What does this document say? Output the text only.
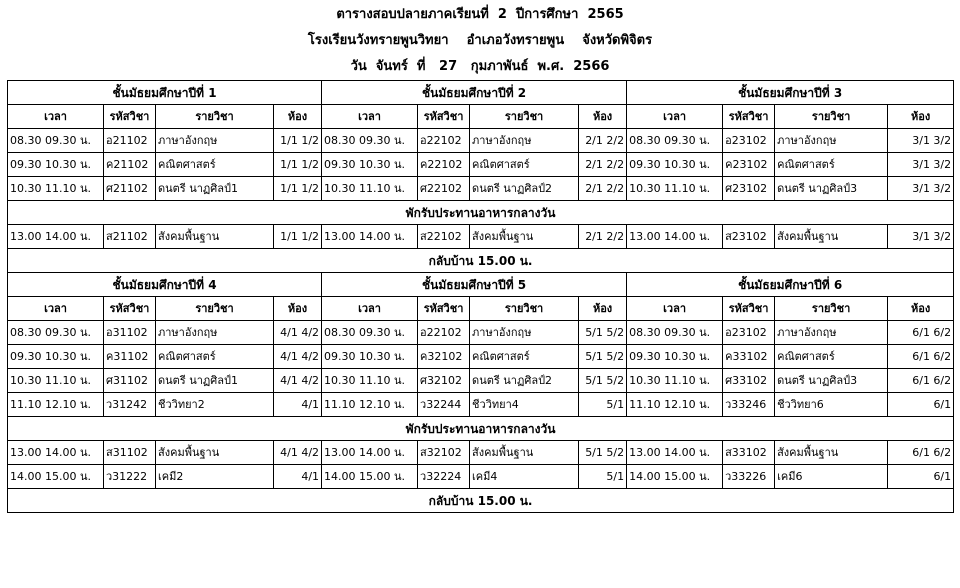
ตารางสอบปลายภาคเรียนที่  2  ปีการศึกษา  2565
โรงเรียนวังทรายพูนวิทยา    อำเภอวังทรายพูน    จังหวัดพิจิตร
วัน  จันทร์  ที่   27   กุมภาพันธ์  พ.ศ.  2566
ชั้นมัธยมศึกษาปีที่ 1				ชั้นมัธยมศึกษาปีที่ 2				ชั้นมัธยมศึกษาปีที่ 3			
เวลา	รหัสวิชา	รายวิชา	ห้อง	เวลา	รหัสวิชา	รายวิชา	ห้อง	เวลา	รหัสวิชา	รายวิชา	ห้อง
08.30 09.30 น.	อ21102	ภาษาอังกฤษ	1/1 1/2	08.30 09.30 น.	อ22102	ภาษาอังกฤษ	2/1 2/2	08.30 09.30 น.	อ23102	ภาษาอังกฤษ	3/1 3/2
09.30 10.30 น.	ค21102	คณิตศาสตร์	1/1 1/2	09.30 10.30 น.	ค22102	คณิตศาสตร์	2/1 2/2	09.30 10.30 น.	ค23102	คณิตศาสตร์	3/1 3/2
10.30 11.10 น.	ศ21102	ดนตรี นาฏศิลป์1	1/1 1/2	10.30 11.10 น.	ศ22102	ดนตรี นาฏศิลป์2	2/1 2/2	10.30 11.10 น.	ศ23102	ดนตรี นาฏศิลป์3	3/1 3/2
พักรับประทานอาหารกลางวัน											
13.00 14.00 น.	ส21102	สังคมพื้นฐาน	1/1 1/2	13.00 14.00 น.	ส22102	สังคมพื้นฐาน	2/1 2/2	13.00 14.00 น.	ส23102	สังคมพื้นฐาน	3/1 3/2
กลับบ้าน 15.00 น.											
ชั้นมัธยมศึกษาปีที่ 4				ชั้นมัธยมศึกษาปีที่ 5				ชั้นมัธยมศึกษาปีที่ 6			
เวลา	รหัสวิชา	รายวิชา	ห้อง	เวลา	รหัสวิชา	รายวิชา	ห้อง	เวลา	รหัสวิชา	รายวิชา	ห้อง
08.30 09.30 น.	อ31102	ภาษาอังกฤษ	4/1 4/2	08.30 09.30 น.	อ22102	ภาษาอังกฤษ	5/1 5/2	08.30 09.30 น.	อ23102	ภาษาอังกฤษ	6/1 6/2
09.30 10.30 น.	ค31102	คณิตศาสตร์	4/1 4/2	09.30 10.30 น.	ค32102	คณิตศาสตร์	5/1 5/2	09.30 10.30 น.	ค33102	คณิตศาสตร์	6/1 6/2
10.30 11.10 น.	ศ31102	ดนตรี นาฏศิลป์1	4/1 4/2	10.30 11.10 น.	ศ32102	ดนตรี นาฏศิลป์2	5/1 5/2	10.30 11.10 น.	ศ33102	ดนตรี นาฏศิลป์3	6/1 6/2
11.10 12.10 น.	ว31242	ชีววิทยา2	4/1	11.10 12.10 น.	ว32244	ชีววิทยา4	5/1	11.10 12.10 น.	ว33246	ชีววิทยา6	6/1
พักรับประทานอาหารกลางวัน											
13.00 14.00 น.	ส31102	สังคมพื้นฐาน	4/1 4/2	13.00 14.00 น.	ส32102	สังคมพื้นฐาน	5/1 5/2	13.00 14.00 น.	ส33102	สังคมพื้นฐาน	6/1 6/2
14.00 15.00 น.	ว31222	เคมี2	4/1	14.00 15.00 น.	ว32224	เคมี4	5/1	14.00 15.00 น.	ว33226	เคมี6	6/1
กลับบ้าน 15.00 น.											
